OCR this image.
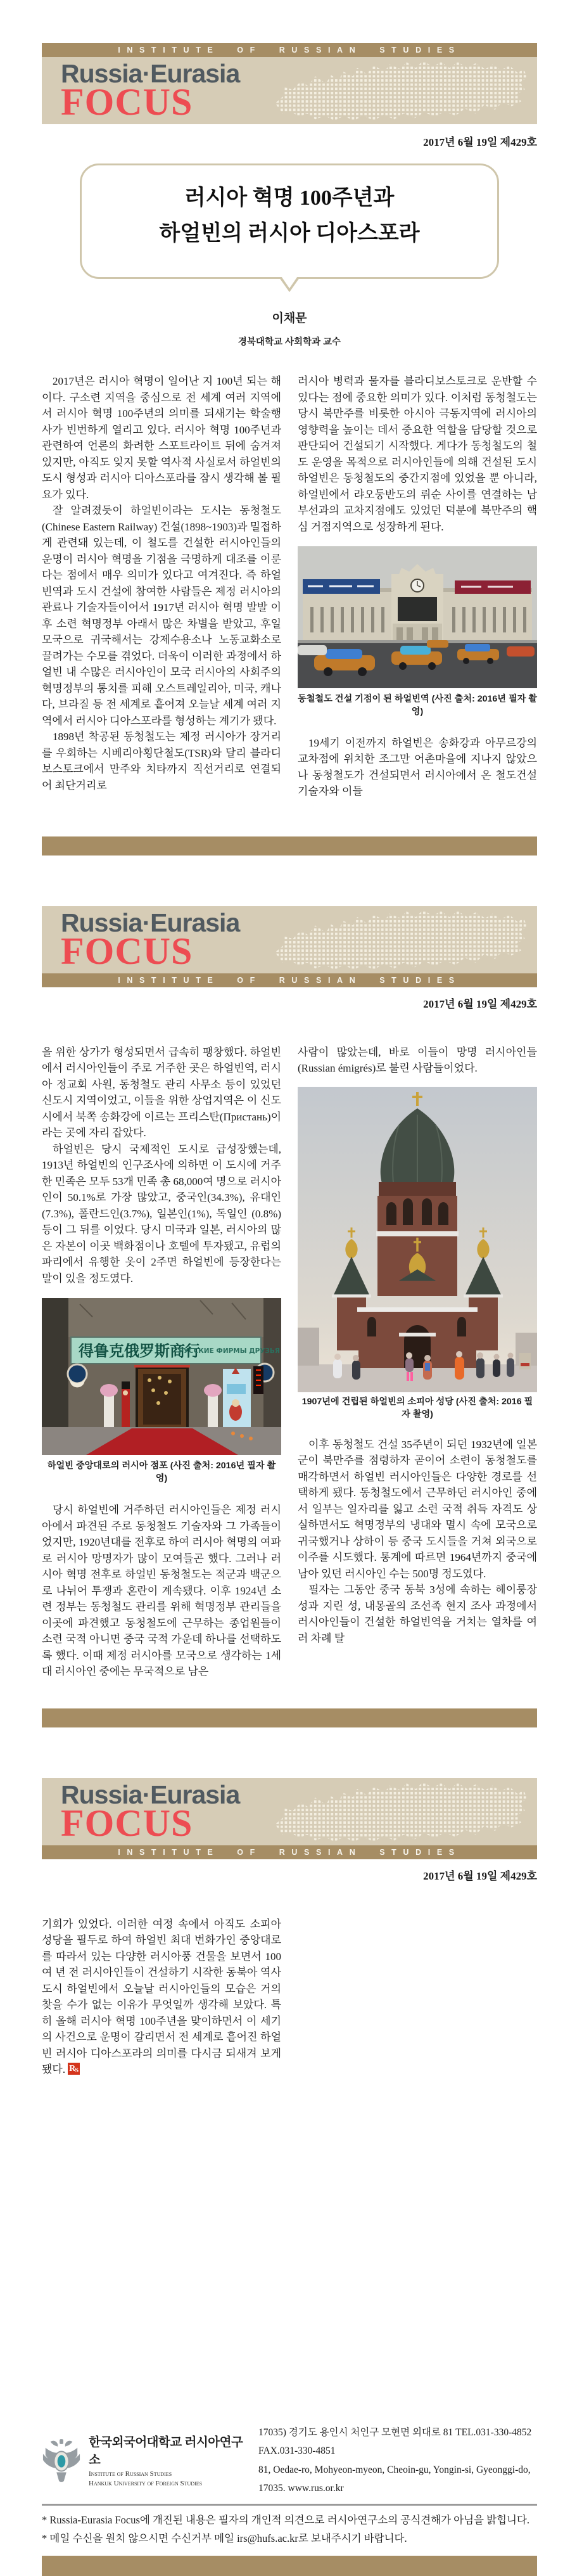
INSTITUTE OF RUSSIAN STUDIES
Russia·Eurasia
FOCUS
2017년 6월 19일 제429호
러시아 혁명 100주년과
하얼빈의 러시아 디아스포라
이채문
경북대학교 사회학과 교수

2017년은 러시아 혁명이 일어난 지 100년 되는 해이다. 구소련 지역을 중심으로 전 세계 여러 지역에서 러시아 혁명 100주년의 의미를 되새기는 학술행사가 빈번하게 열리고 있다. 러시아 혁명 100주년과 관련하여 언론의 화려한 스포트라이트 뒤에 숨겨져 있지만, 아직도 잊지 못할 역사적 사실로서 하얼빈의 도시 형성과 러시아 디아스포라를 잠시 생각해 볼 필요가 있다.

잘 알려졌듯이 하얼빈이라는 도시는 동청철도(Chinese Eastern Railway) 건설(1898~1903)과 밀접하게 관련돼 있는데, 이 철도를 건설한 러시아인들의 운명이 러시아 혁명을 기점을 극명하게 대조를 이룬다는 점에서 매우 의미가 있다고 여겨진다. 즉 하얼빈역과 도시 건설에 참여한 사람들은 제정 러시아의 관료나 기술자들이어서 1917년 러시아 혁명 발발 이후 소련 혁명정부 아래서 많은 차별을 받았고, 후일 모국으로 귀국해서는 강제수용소나 노동교화소로 끌려가는 수모를 겪었다. 더욱이 이러한 과정에서 하얼빈 내 수많은 러시아인이 모국 러시아의 사회주의 혁명정부의 통치를 피해 오스트레일리아, 미국, 캐나다, 브라질 등 전 세계로 흩어져 오늘날 세계 여러 지역에서 러시아 디아스포라를 형성하는 계기가 됐다.

1898년 착공된 동청철도는 제정 러시아가 장거리를 우회하는 시베리아횡단철도(TSR)와 달리 블라디보스토크에서 만주와 치타까지 직선거리로 연결되어 최단거리로

러시아 병력과 물자를 블라디보스토크로 운반할 수 있다는 점에 중요한 의미가 있다. 이처럼 동청철도는 당시 북만주를 비롯한 아시아 극동지역에 러시아의 영향력을 높이는 데서 중요한 역할을 담당할 것으로 판단되어 건설되기 시작했다. 게다가 동청철도의 철도 운영을 목적으로 러시아인들에 의해 건설된 도시 하얼빈은 동청철도의 중간지점에 있었을 뿐 아니라, 하얼빈에서 랴오둥반도의 뤼순 사이를 연결하는 남부선과의 교차지점에도 있었던 덕분에 북만주의 핵심 거점지역으로 성장하게 된다.

동철철도 건설 기점이 된 하얼빈역 (사진 출처: 2016년 필자 촬영)

19세기 이전까지 하얼빈은 송화강과 아무르강의 교차점에 위치한 조그만 어촌마을에 지나지 않았으나 동청철도가 건설되면서 러시아에서 온 철도건설 기술자와 이들

Russia·Eurasia
FOCUS
INSTITUTE OF RUSSIAN STUDIES
2017년 6월 19일 제429호

을 위한 상가가 형성되면서 급속히 팽창했다. 하얼빈에서 러시아인들이 주로 거주한 곳은 하얼빈역, 러시아 정교회 사원, 동청철도 관리 사무소 등이 있었던 신도시 지역이었고, 이들을 위한 상업지역은 이 신도시에서 북쪽 송화강에 이르는 프리스탄(Пристань)이라는 곳에 자리 잡았다.

하얼빈은 당시 국제적인 도시로 급성장했는데, 1913년 하얼빈의 인구조사에 의하면 이 도시에 거주한 민족은 모두 53개 민족 총 68,000여 명으로 러시아인이 50.1%로 가장 많았고, 중국인(34.3%), 유대인(7.3%), 폴란드인(3.7%), 일본인(1%), 독일인 (0.8%) 등이 그 뒤를 이었다. 당시 미국과 일본, 러시아의 많은 자본이 이곳 백화점이나 호텔에 투자됐고, 유럽의 파리에서 유행한 옷이 2주면 하얼빈에 등장한다는 말이 있을 정도였다.

得鲁克俄罗斯商行
РУССКИЕ ФИРМЫ ДРУЗЬЯ
하얼빈 중앙대로의 러시아 점포 (사진 출처: 2016년 필자 촬영)

당시 하얼빈에 거주하던 러시아인들은 제정 러시아에서 파견된 주로 동청철도 기술자와 그 가족들이었지만, 1920년대를 전후로 하여 러시아 혁명의 여파로 러시아 망명자가 많이 모여들곤 했다. 그러나 러시아 혁명 전후로 하얼빈 동청철도는 적군과 백군으로 나뉘어 투쟁과 혼란이 계속됐다. 이후 1924년 소련 정부는 동청철도 관리를 위해 혁명정부 관리들을 이곳에 파견했고 동청철도에 근무하는 종업원들이 소련 국적 아니면 중국 국적 가운데 하나를 선택하도록 했다. 이때 제정 러시아를 모국으로 생각하는 1세대 러시아인 중에는 무국적으로 남은

사람이 많았는데, 바로 이들이 망명 러시아인들(Russian émigrés)로 불린 사람들이었다.

1907년에 건립된 하얼빈의 소피아 성당 (사진 출처: 2016 필자 촬영)

이후 동청철도 건설 35주년이 되던 1932년에 일본군이 북만주를 점령하자 곧이어 소련이 동청철도를 매각하면서 하얼빈 러시아인들은 다양한 경로를 선택하게 됐다. 동청철도에서 근무하던 러시아인 중에서 일부는 일자리를 잃고 소련 국적 취득 자격도 상실하면서도 혁명정부의 냉대와 멸시 속에 모국으로 귀국했거나 상하이 등 중국 도시들을 거쳐 외국으로 이주를 시도했다. 통계에 따르면 1964년까지 중국에 남아 있던 러시아인 수는 500명 정도였다.

필자는 그동안 중국 동북 3성에 속하는 헤이룽장 성과 지린 성, 내몽골의 조선족 현지 조사 과정에서 러시아인들이 건설한 하얼빈역을 거치는 열차를 여러 차례 탈

Russia·Eurasia
FOCUS
INSTITUTE OF RUSSIAN STUDIES
2017년 6월 19일 제429호

기회가 있었다. 이러한 여정 속에서 아직도 소피아 성당을 필두로 하여 하얼빈 최대 번화가인 중앙대로를 따라서 있는 다양한 러시아풍 건물을 보면서 100여 년 전 러시아인들이 건설하기 시작한 동북아 역사 도시 하얼빈에서 오늘날 러시아인들의 모습은 거의 찾을 수가 없는 이유가 무엇일까 생각해 보았다. 특히 올해 러시아 혁명 100주년을 맞이하면서 이 세기의 사건으로 운명이 갈리면서 전 세계로 흩어진 하얼빈 러시아 디아스포라의 의미를 다시금 되새겨 보게 됐다. R
S

한국외국어대학교 러시아연구소
Institute of Russian Studies
Hankuk University of Foreign Studies
17035) 경기도 용인시 처인구 모현면 외대로 81 TEL.031-330-4852 FAX.031-330-4851
81, Oedae-ro, Mohyeon-myeon, Cheoin-gu, Yongin-si, Gyeonggi-do, 17035. www.rus.or.kr
* Russia-Eurasia Focus에 개진된 내용은 필자의 개인적 의견으로 러시아연구소의 공식견해가 아님을 밝힙니다.
* 메일 수신을 원치 않으시면 수신거부 메일 irs@hufs.ac.kr로 보내주시기 바랍니다.
